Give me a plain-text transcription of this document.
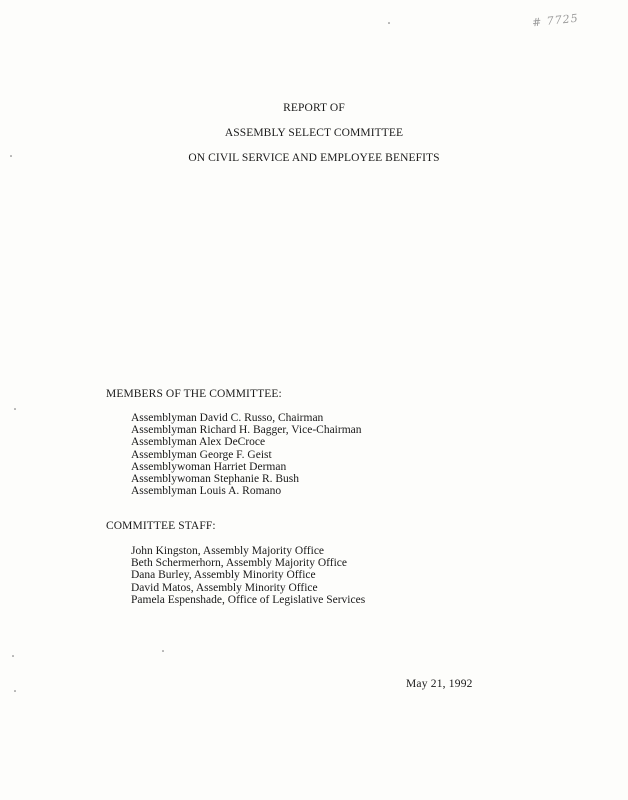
# 7725
REPORT OF
ASSEMBLY SELECT COMMITTEE
ON CIVIL SERVICE AND EMPLOYEE BENEFITS
MEMBERS OF THE COMMITTEE:
Assemblyman David C. Russo, Chairman
Assemblyman Richard H. Bagger, Vice-Chairman
Assemblyman Alex DeCroce
Assemblyman George F. Geist
Assemblywoman Harriet Derman
Assemblywoman Stephanie R. Bush
Assemblyman Louis A. Romano
COMMITTEE STAFF:
John Kingston, Assembly Majority Office
Beth Schermerhorn, Assembly Majority Office
Dana Burley, Assembly Minority Office
David Matos, Assembly Minority Office
Pamela Espenshade, Office of Legislative Services
May 21, 1992
